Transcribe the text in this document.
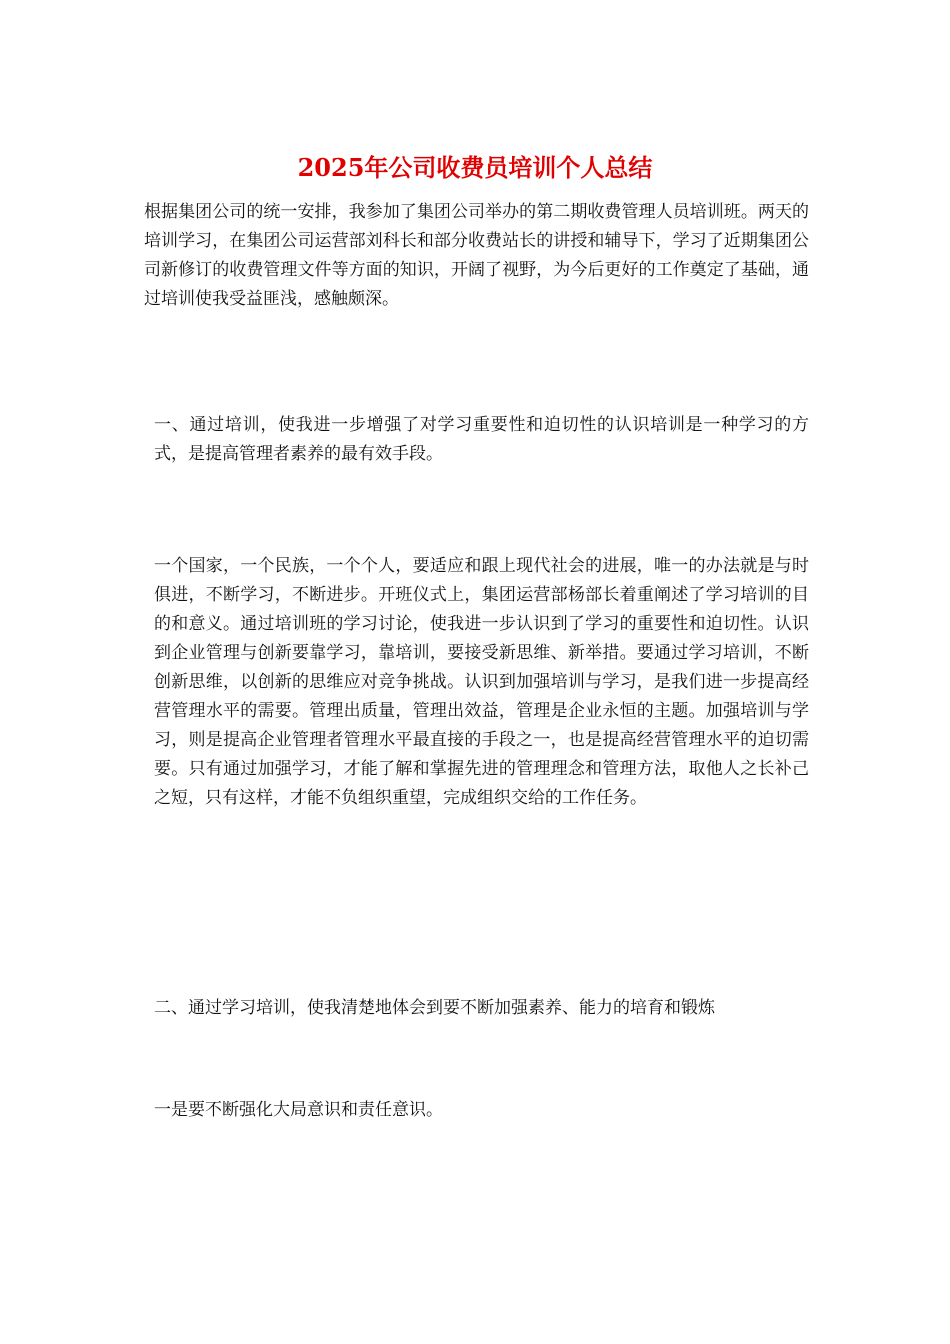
2025年公司收费员培训个人总结

根据集团公司的统一安排，我参加了集团公司举办的第二期收费管理人员培训班。两天的培训学习，在集团公司运营部刘科长和部分收费站长的讲授和辅导下，学习了近期集团公司新修订的收费管理文件等方面的知识，开阔了视野，为今后更好的工作奠定了基础，通过培训使我受益匪浅，感触颇深。

一、通过培训，使我进一步增强了对学习重要性和迫切性的认识培训是一种学习的方式，是提高管理者素养的最有效手段。

一个国家，一个民族，一个个人，要适应和跟上现代社会的进展，唯一的办法就是与时俱进，不断学习，不断进步。开班仪式上，集团运营部杨部长着重阐述了学习培训的目的和意义。通过培训班的学习讨论，使我进一步认识到了学习的重要性和迫切性。认识到企业管理与创新要靠学习，靠培训，要接受新思维、新举措。要通过学习培训，不断创新思维，以创新的思维应对竞争挑战。认识到加强培训与学习，是我们进一步提高经营管理水平的需要。管理出质量，管理出效益，管理是企业永恒的主题。加强培训与学习，则是提高企业管理者管理水平最直接的手段之一，也是提高经营管理水平的迫切需要。只有通过加强学习，才能了解和掌握先进的管理理念和管理方法，取他人之长补己之短，只有这样，才能不负组织重望，完成组织交给的工作任务。

二、通过学习培训，使我清楚地体会到要不断加强素养、能力的培育和锻炼

一是要不断强化大局意识和责任意识。
